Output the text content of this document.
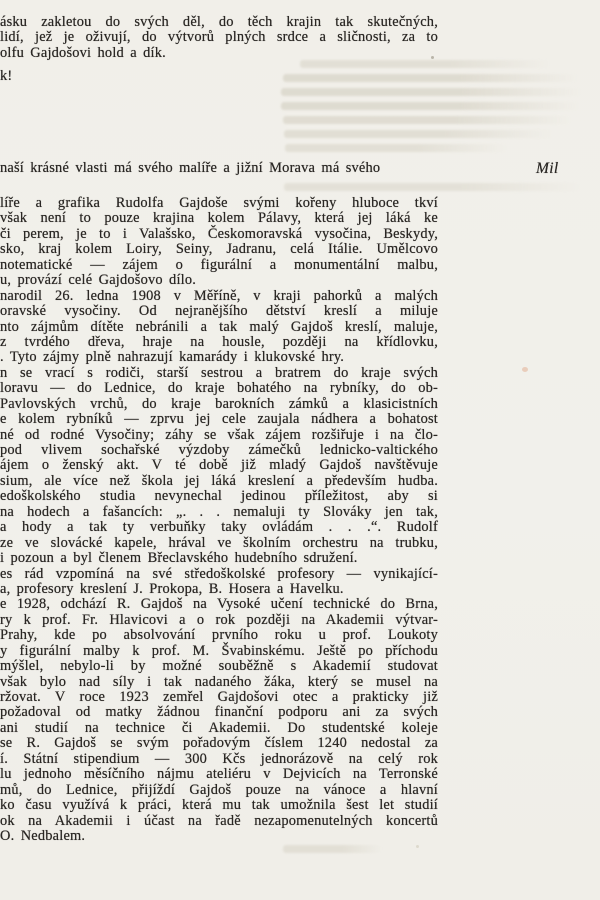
ásku zakletou do svých děl, do těch krajin tak skutečných,
lidí, jež je oživují, do výtvorů plných srdce a sličnosti, za to
olfu Gajdošovi hold a dík.
k!
naší krásné vlasti má svého malíře a jižní Morava má svého	Mil
líře a grafika Rudolfa Gajdoše svými kořeny hluboce tkví
však není to pouze krajina kolem Pálavy, která jej láká ke
či perem, je to i Valašsko, Českomoravská vysočina, Beskydy,
sko, kraj kolem Loiry, Seiny, Jadranu, celá Itálie. Umělcovo
notematické — zájem o figurální a monumentální malbu,
u, provází celé Gajdošovo dílo.
narodil 26. ledna 1908 v Měříně, v kraji pahorků a malých
oravské vysočiny. Od nejranějšího dětství kreslí a miluje
nto zájmům dítěte nebránili a tak malý Gajdoš kreslí, maluje,
z tvrdého dřeva, hraje na housle, později na křídlovku,
. Tyto zájmy plně nahrazují kamarády i klukovské hry.
n se vrací s rodiči, starší sestrou a bratrem do kraje svých
loravu — do Lednice, do kraje bohatého na rybníky, do ob-
Pavlovských vrchů, do kraje barokních zámků a klasicistních
e kolem rybníků — zprvu jej cele zaujala nádhera a bohatost
né od rodné Vysočiny; záhy se však zájem rozšiřuje i na člo-
pod vlivem sochařské výzdoby zámečků lednicko-valtického
ájem o ženský akt. V té době již mladý Gajdoš navštěvuje
sium, ale více než škola jej láká kreslení a především hudba.
edoškolského studia nevynechal jedinou příležitost, aby si
na hodech a fašancích: „. . . nemaluji ty Slováky jen tak,
a hody a tak ty verbuňky taky ovládám . . .“. Rudolf
ze ve slovácké kapele, hrával ve školním orchestru na trubku,
i pozoun a byl členem Břeclavského hudebního sdružení.
es rád vzpomíná na své středoškolské profesory — vynikající-
a, profesory kreslení J. Prokopa, B. Hosera a Havelku.
e 1928, odchází R. Gajdoš na Vysoké učení technické do Brna,
ry k prof. Fr. Hlavicovi a o rok později na Akademii výtvar-
Prahy, kde po absolvování prvního roku u prof. Loukoty
y figurální malby k prof. M. Švabinskému. Ještě po příchodu
mýšlel, nebylo-li by možné souběžně s Akademií studovat
však bylo nad síly i tak nadaného žáka, který se musel na
ržovat. V roce 1923 zemřel Gajdošovi otec a prakticky již
požadoval od matky žádnou finanční podporu ani za svých
ani studií na technice či Akademii. Do studentské koleje
se R. Gajdoš se svým pořadovým číslem 1240 nedostal za
í. Státní stipendium — 300 Kčs jednorázově na celý rok
lu jednoho měsíčního nájmu ateliéru v Dejvicích na Terronské
mů, do Lednice, přijíždí Gajdoš pouze na vánoce a hlavní
ko času využívá k práci, která mu tak umožnila šest let studií
ok na Akademii i účast na řadě nezapomenutelných koncertů
O. Nedbalem.
